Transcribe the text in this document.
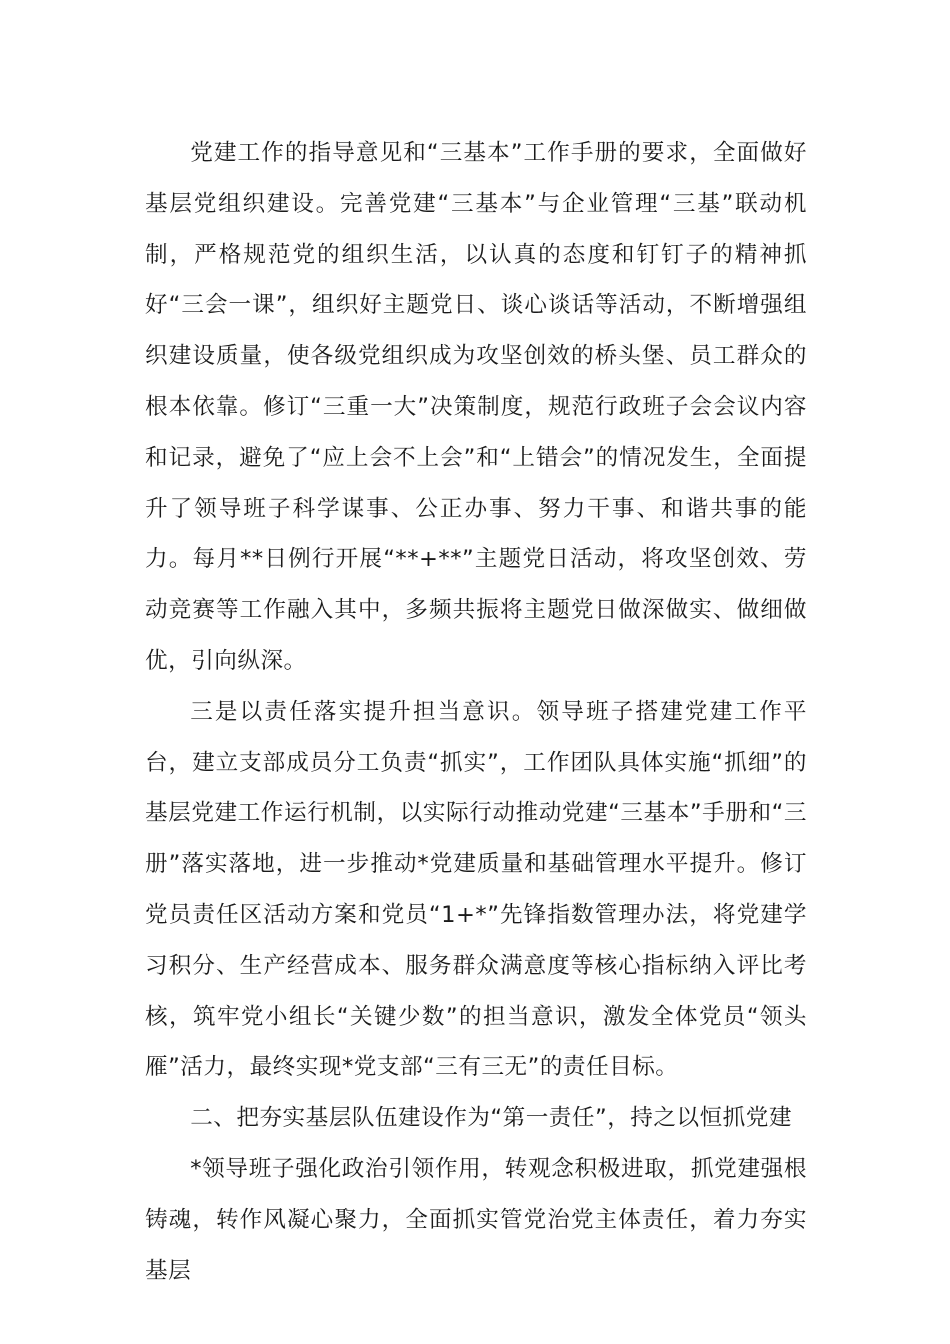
党建工作的指导意见和“三基本”工作手册的要求，全面做好基层党组织建设。完善党建“三基本”与企业管理“三基”联动机制，严格规范党的组织生活，以认真的态度和钉钉子的精神抓好“三会一课”，组织好主题党日、谈心谈话等活动，不断增强组织建设质量，使各级党组织成为攻坚创效的桥头堡、员工群众的根本依靠。修订“三重一大”决策制度，规范行政班子会会议内容和记录，避免了“应上会不上会”和“上错会”的情况发生，全面提升了领导班子科学谋事、公正办事、努力干事、和谐共事的能力。每月**日例行开展“**+**”主题党日活动，将攻坚创效、劳动竞赛等工作融入其中，多频共振将主题党日做深做实、做细做优，引向纵深。

三是以责任落实提升担当意识。领导班子搭建党建工作平台，建立支部成员分工负责“抓实”，工作团队具体实施“抓细”的基层党建工作运行机制，以实际行动推动党建“三基本”手册和“三册”落实落地，进一步推动*党建质量和基础管理水平提升。修订党员责任区活动方案和党员“1+*”先锋指数管理办法，将党建学习积分、生产经营成本、服务群众满意度等核心指标纳入评比考核，筑牢党小组长“关键少数”的担当意识，激发全体党员“领头雁”活力，最终实现*党支部“三有三无”的责任目标。

二、把夯实基层队伍建设作为“第一责任”，持之以恒抓党建

*领导班子强化政治引领作用，转观念积极进取，抓党建强根铸魂，转作风凝心聚力，全面抓实管党治党主体责任，着力夯实基层
